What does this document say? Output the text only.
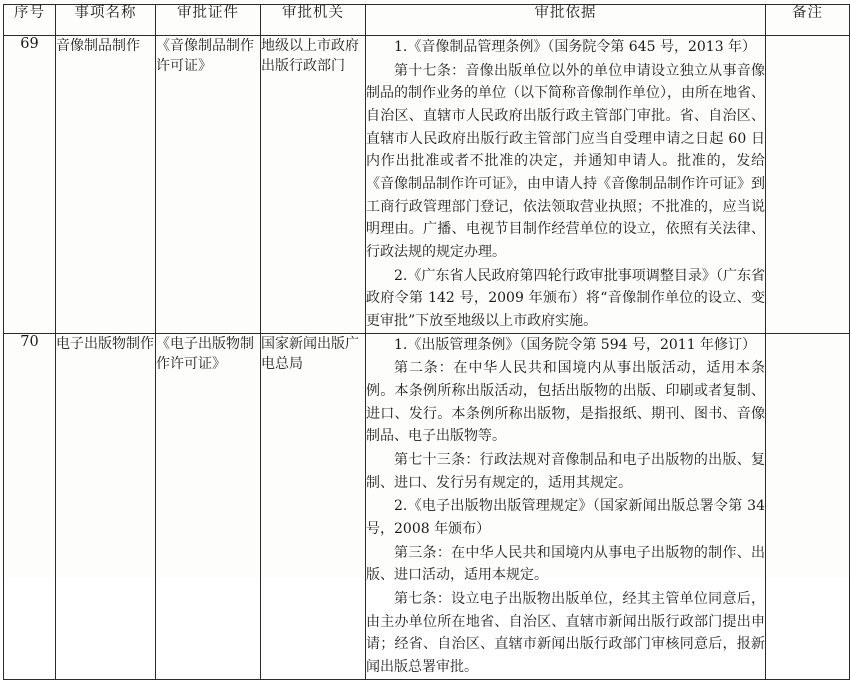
序号	事项名称	审批证件	审批机关	审批依据	备注

69	音像制品制作	《音像制品制作许可证》	地级以上市政府出版行政部门	1.《音像制品管理条例》（国务院令第 645 号，2013 年）

第十七条：音像出版单位以外的单位申请设立独立从事音像制品的制作业务的单位（以下简称音像制作单位），由所在地省、自治区、直辖市人民政府出版行政主管部门审批。省、自治区、直辖市人民政府出版行政主管部门应当自受理申请之日起 60 日内作出批准或者不批准的决定，并通知申请人。批准的，发给《音像制品制作许可证》，由申请人持《音像制品制作许可证》到工商行政管理部门登记，依法领取营业执照；不批准的，应当说明理由。广播、电视节目制作经营单位的设立，依照有关法律、行政法规的规定办理。

2.《广东省人民政府第四轮行政审批事项调整目录》（广东省政府令第 142 号，2009 年颁布）将“音像制作单位的设立、变更审批”下放至地级以上市政府实施。	

70	电子出版物制作	《电子出版物制作许可证》	国家新闻出版广电总局	

1.《出版管理条例》（国务院令第 594 号，2011 年修订）

第二条：在中华人民共和国境内从事出版活动，适用本条例。本条例所称出版活动，包括出版物的出版、印刷或者复制、进口、发行。本条例所称出版物，是指报纸、期刊、图书、音像制品、电子出版物等。

第七十三条：行政法规对音像制品和电子出版物的出版、复制、进口、发行另有规定的，适用其规定。

2.《电子出版物出版管理规定》（国家新闻出版总署令第 34 号，2008 年颁布）

第三条：在中华人民共和国境内从事电子出版物的制作、出版、进口活动，适用本规定。

第七条：设立电子出版物出版单位，经其主管单位同意后，由主办单位所在地省、自治区、直辖市新闻出版行政部门提出申请；经省、自治区、直辖市新闻出版行政部门审核同意后，报新闻出版总署审批。
